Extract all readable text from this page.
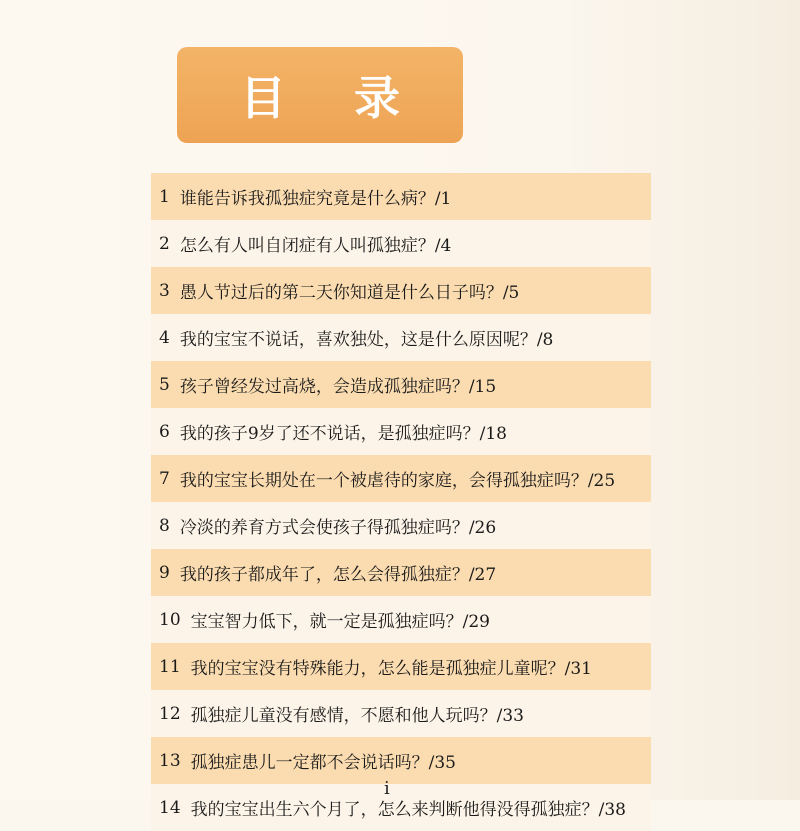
目 录
1 谁能告诉我孤独症究竟是什么病？/1
2 怎么有人叫自闭症有人叫孤独症？/4
3 愚人节过后的第二天你知道是什么日子吗？/5
4 我的宝宝不说话，喜欢独处，这是什么原因呢？/8
5 孩子曾经发过高烧，会造成孤独症吗？/15
6 我的孩子9岁了还不说话，是孤独症吗？/18
7 我的宝宝长期处在一个被虐待的家庭，会得孤独症吗？/25
8 冷淡的养育方式会使孩子得孤独症吗？/26
9 我的孩子都成年了，怎么会得孤独症？/27
10 宝宝智力低下，就一定是孤独症吗？/29
11 我的宝宝没有特殊能力，怎么能是孤独症儿童呢？/31
12 孤独症儿童没有感情，不愿和他人玩吗？/33
13 孤独症患儿一定都不会说话吗？/35
14 我的宝宝出生六个月了，怎么来判断他得没得孤独症？/38
i
